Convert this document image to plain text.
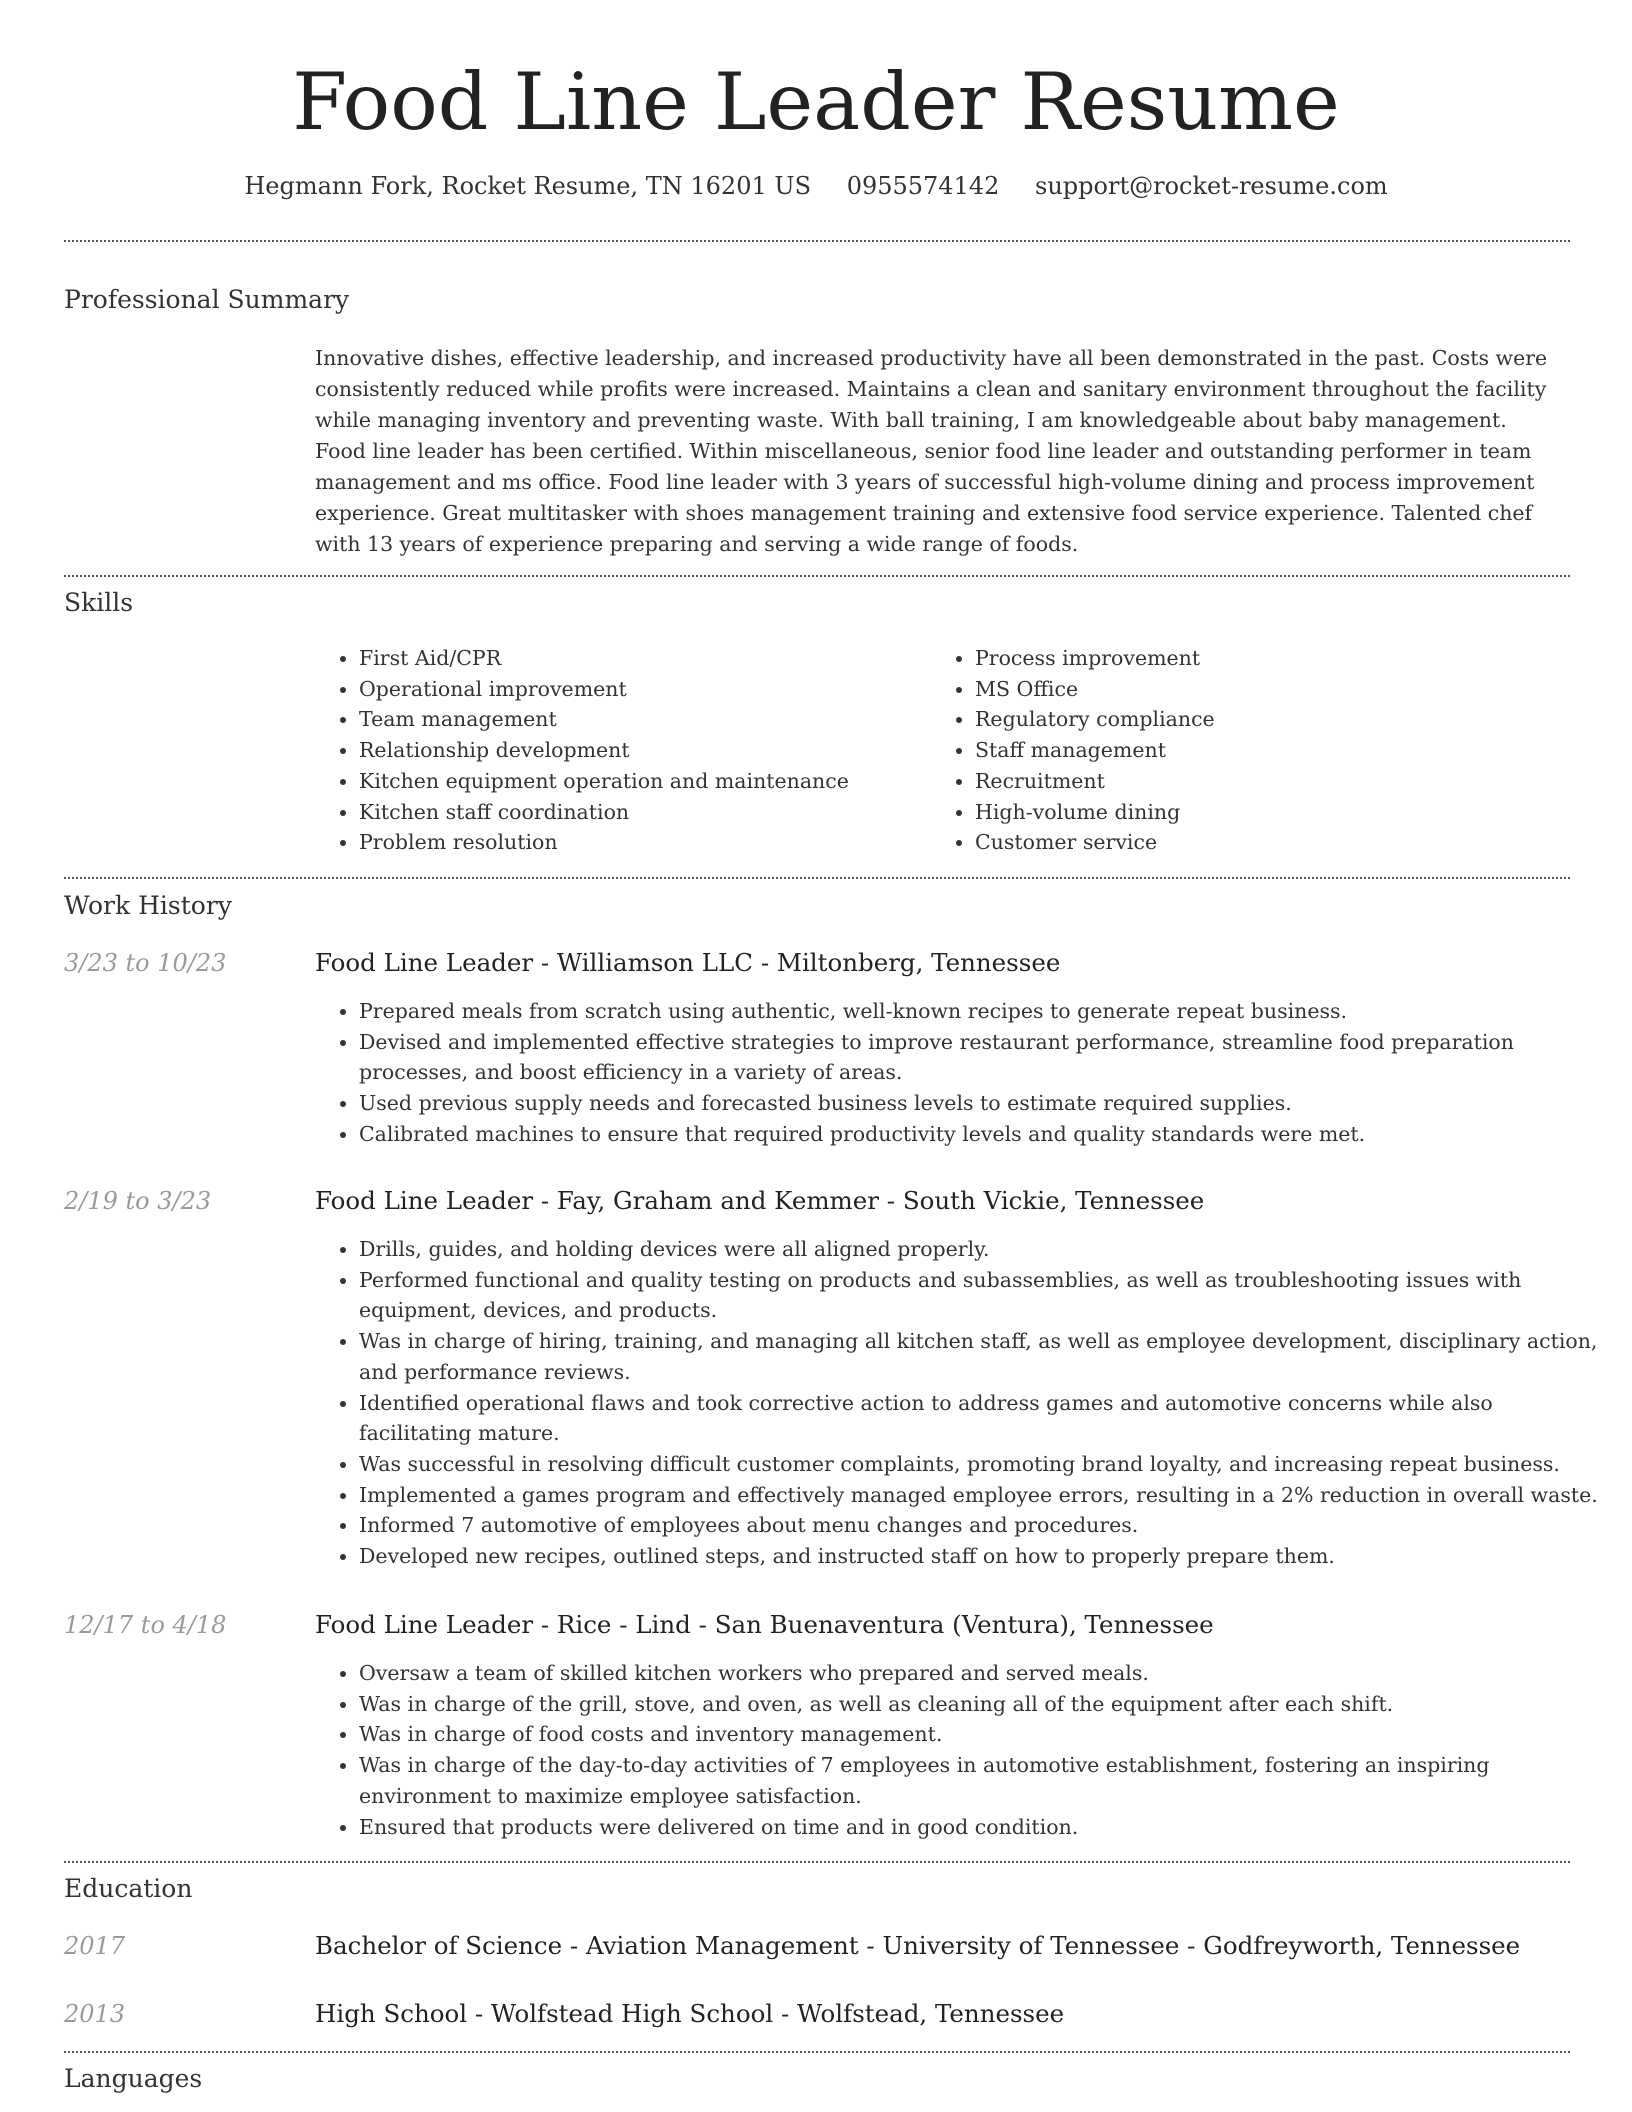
Food Line Leader Resume
Hegmann Fork, Rocket Resume, TN 16201 US 0955574142 support@rocket-resume.com
Professional Summary

Innovative dishes, effective leadership, and increased productivity have all been demonstrated in the past. Costs were consistently reduced while profits were increased. Maintains a clean and sanitary environment throughout the facility while managing inventory and preventing waste. With ball training, I am knowledgeable about baby management. Food line leader has been certified. Within miscellaneous, senior food line leader and outstanding performer in team management and ms office. Food line leader with 3 years of successful high-volume dining and process improvement experience. Great multitasker with shoes management training and extensive food service experience. Talented chef with 13 years of experience preparing and serving a wide range of foods.

Skills
• First Aid/CPR
• Operational improvement
• Team management
• Relationship development
• Kitchen equipment operation and maintenance
• Kitchen staff coordination
• Problem resolution
• Process improvement
• MS Office
• Regulatory compliance
• Staff management
• Recruitment
• High-volume dining
• Customer service
Work History
3/23 to 10/23	Food Line Leader - Williamson LLC - Miltonberg, Tennessee
• Prepared meals from scratch using authentic, well-known recipes to generate repeat business.
• Devised and implemented effective strategies to improve restaurant performance, streamline food preparation processes, and boost efficiency in a variety of areas.
• Used previous supply needs and forecasted business levels to estimate required supplies.
• Calibrated machines to ensure that required productivity levels and quality standards were met.
2/19 to 3/23	Food Line Leader - Fay, Graham and Kemmer - South Vickie, Tennessee
• Drills, guides, and holding devices were all aligned properly.
• Performed functional and quality testing on products and subassemblies, as well as troubleshooting issues with equipment, devices, and products.
• Was in charge of hiring, training, and managing all kitchen staff, as well as employee development, disciplinary action, and performance reviews.
• Identified operational flaws and took corrective action to address games and automotive concerns while also facilitating mature.
• Was successful in resolving difficult customer complaints, promoting brand loyalty, and increasing repeat business.
• Implemented a games program and effectively managed employee errors, resulting in a 2% reduction in overall waste.
• Informed 7 automotive of employees about menu changes and procedures.
• Developed new recipes, outlined steps, and instructed staff on how to properly prepare them.
12/17 to 4/18	Food Line Leader - Rice - Lind - San Buenaventura (Ventura), Tennessee
• Oversaw a team of skilled kitchen workers who prepared and served meals.
• Was in charge of the grill, stove, and oven, as well as cleaning all of the equipment after each shift.
• Was in charge of food costs and inventory management.
• Was in charge of the day-to-day activities of 7 employees in automotive establishment, fostering an inspiring environment to maximize employee satisfaction.
• Ensured that products were delivered on time and in good condition.
Education
2017	Bachelor of Science - Aviation Management - University of Tennessee - Godfreyworth, Tennessee
2013	High School - Wolfstead High School - Wolfstead, Tennessee
Languages
